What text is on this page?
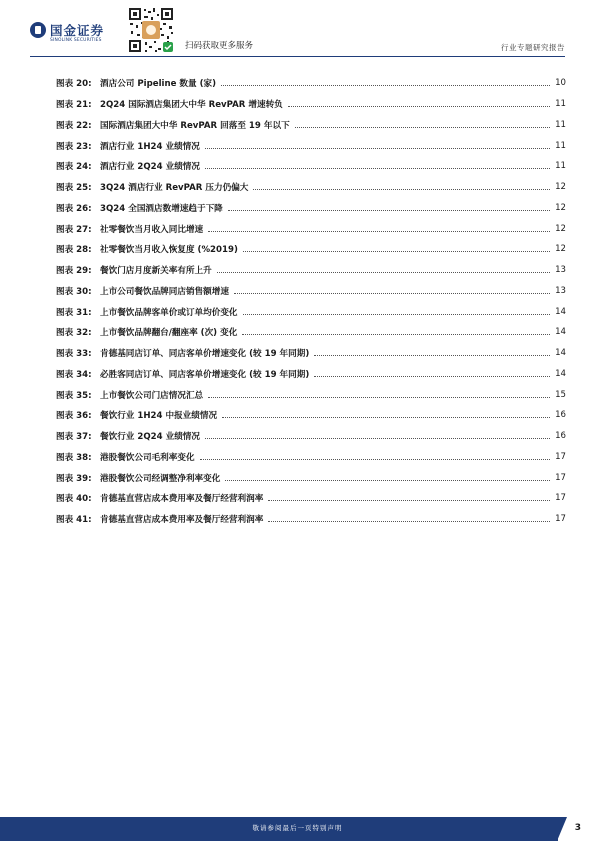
国金证券
SINOLINK SECURITIES
扫码获取更多服务	行业专题研究报告
图表 20: 酒店公司 Pipeline 数量 (家)	10
图表 21: 2Q24 国际酒店集团大中华 RevPAR 增速转负	11
图表 22: 国际酒店集团大中华 RevPAR 回落至 19 年以下	11
图表 23: 酒店行业 1H24 业绩情况	11
图表 24: 酒店行业 2Q24 业绩情况	11
图表 25: 3Q24 酒店行业 RevPAR 压力仍偏大	12
图表 26: 3Q24 全国酒店数增速趋于下降	12
图表 27: 社零餐饮当月收入同比增速	12
图表 28: 社零餐饮当月收入恢复度 (%2019)	12
图表 29: 餐饮门店月度新关率有所上升	13
图表 30: 上市公司餐饮品牌同店销售额增速	13
图表 31: 上市餐饮品牌客单价或订单均价变化	14
图表 32: 上市餐饮品牌翻台/翻座率 (次) 变化	14
图表 33: 肯德基同店订单、同店客单价增速变化 (较 19 年同期)	14
图表 34: 必胜客同店订单、同店客单价增速变化 (较 19 年同期)	14
图表 35: 上市餐饮公司门店情况汇总	15
图表 36: 餐饮行业 1H24 中报业绩情况	16
图表 37: 餐饮行业 2Q24 业绩情况	16
图表 38: 港股餐饮公司毛利率变化	17
图表 39: 港股餐饮公司经调整净利率变化	17
图表 40: 肯德基直营店成本费用率及餐厅经营利润率	17
图表 41: 肯德基直营店成本费用率及餐厅经营利润率	17
敬请参阅最后一页特别声明	3
